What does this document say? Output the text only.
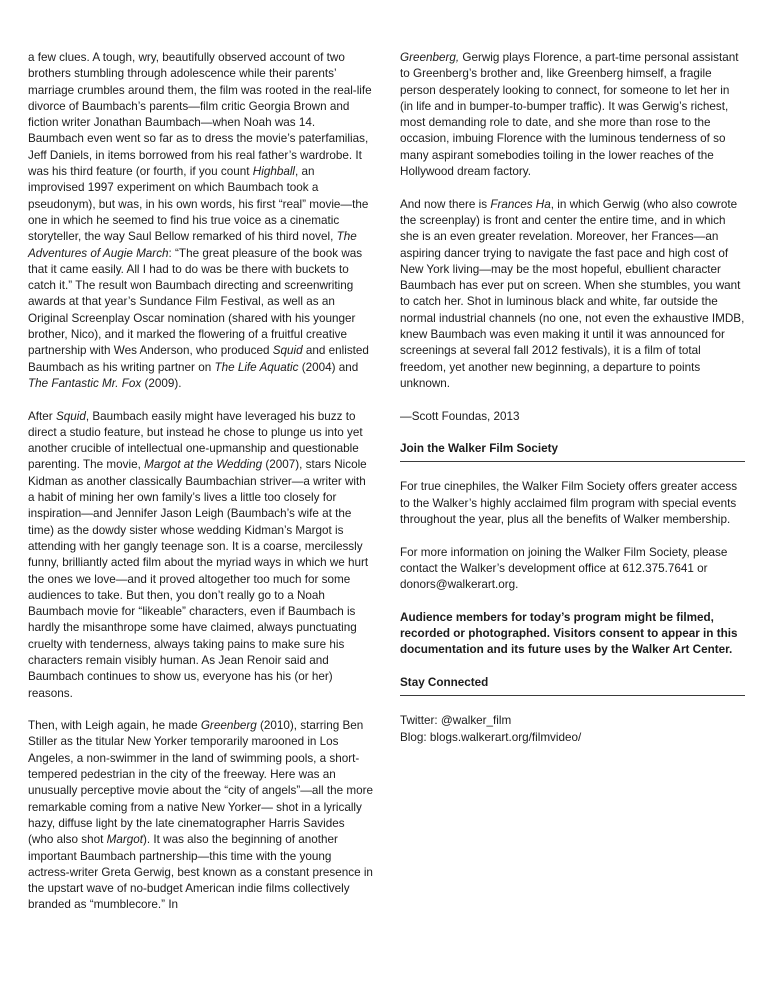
a few clues. A tough, wry, beautifully observed account of two brothers stumbling through adolescence while their parents’ marriage crumbles around them, the film was rooted in the real-life divorce of Baumbach’s parents—film critic Georgia Brown and fiction writer Jonathan Baumbach—when Noah was 14. Baumbach even went so far as to dress the movie’s paterfamilias, Jeff Daniels, in items borrowed from his real father’s wardrobe. It was his third feature (or fourth, if you count Highball, an improvised 1997 experiment on which Baumbach took a pseudonym), but was, in his own words, his first “real” movie—the one in which he seemed to find his true voice as a cinematic storyteller, the way Saul Bellow remarked of his third novel, The Adventures of Augie March: “The great pleasure of the book was that it came easily. All I had to do was be there with buckets to catch it.” The result won Baumbach directing and screenwriting awards at that year’s Sundance Film Festival, as well as an Original Screenplay Oscar nomination (shared with his younger brother, Nico), and it marked the flowering of a fruitful creative partnership with Wes Anderson, who produced Squid and enlisted Baumbach as his writing partner on The Life Aquatic (2004) and The Fantastic Mr. Fox (2009).

After Squid, Baumbach easily might have leveraged his buzz to direct a studio feature, but instead he chose to plunge us into yet another crucible of intellectual one-upmanship and questionable parenting. The movie, Margot at the Wedding (2007), stars Nicole Kidman as another classically Baumbachian striver—a writer with a habit of mining her own family’s lives a little too closely for inspiration—and Jennifer Jason Leigh (Baumbach’s wife at the time) as the dowdy sister whose wedding Kidman’s Margot is attending with her gangly teenage son. It is a coarse, mercilessly funny, brilliantly acted film about the myriad ways in which we hurt the ones we love—and it proved altogether too much for some audiences to take. But then, you don’t really go to a Noah Baumbach movie for “likeable” characters, even if Baumbach is hardly the misanthrope some have claimed, always punctuating cruelty with tenderness, always taking pains to make sure his characters remain visibly human. As Jean Renoir said and Baumbach continues to show us, everyone has his (or her) reasons.

Then, with Leigh again, he made Greenberg (2010), starring Ben Stiller as the titular New Yorker temporarily marooned in Los Angeles, a non-swimmer in the land of swimming pools, a short-tempered pedestrian in the city of the freeway. Here was an unusually perceptive movie about the “city of angels”—all the more remarkable coming from a native New Yorker— shot in a lyrically hazy, diffuse light by the late cinematographer Harris Savides (who also shot Margot). It was also the beginning of another important Baumbach partnership—this time with the young actress-writer Greta Gerwig, best known as a constant presence in the upstart wave of no-budget American indie films collectively branded as “mumblecore.” In

Greenberg, Gerwig plays Florence, a part-time personal assistant to Greenberg’s brother and, like Greenberg himself, a fragile person desperately looking to connect, for someone to let her in (in life and in bumper-to-bumper traffic). It was Gerwig’s richest, most demanding role to date, and she more than rose to the occasion, imbuing Florence with the luminous tenderness of so many aspirant somebodies toiling in the lower reaches of the Hollywood dream factory.

And now there is Frances Ha, in which Gerwig (who also cowrote the screenplay) is front and center the entire time, and in which she is an even greater revelation. Moreover, her Frances—an aspiring dancer trying to navigate the fast pace and high cost of New York living—may be the most hopeful, ebullient character Baumbach has ever put on screen. When she stumbles, you want to catch her. Shot in luminous black and white, far outside the normal industrial channels (no one, not even the exhaustive IMDB, knew Baumbach was even making it until it was announced for screenings at several fall 2012 festivals), it is a film of total freedom, yet another new beginning, a departure to points unknown.

—Scott Foundas, 2013

Join the Walker Film Society

For true cinephiles, the Walker Film Society offers greater access to the Walker’s highly acclaimed film program with special events throughout the year, plus all the benefits of Walker membership.

For more information on joining the Walker Film Society, please contact the Walker’s development office at 612.375.7641 or donors@walkerart.org.

Audience members for today’s program might be filmed, recorded or photographed. Visitors consent to appear in this documentation and its future uses by the Walker Art Center.

Stay Connected

Twitter: @walker_film
Blog: blogs.walkerart.org/filmvideo/
